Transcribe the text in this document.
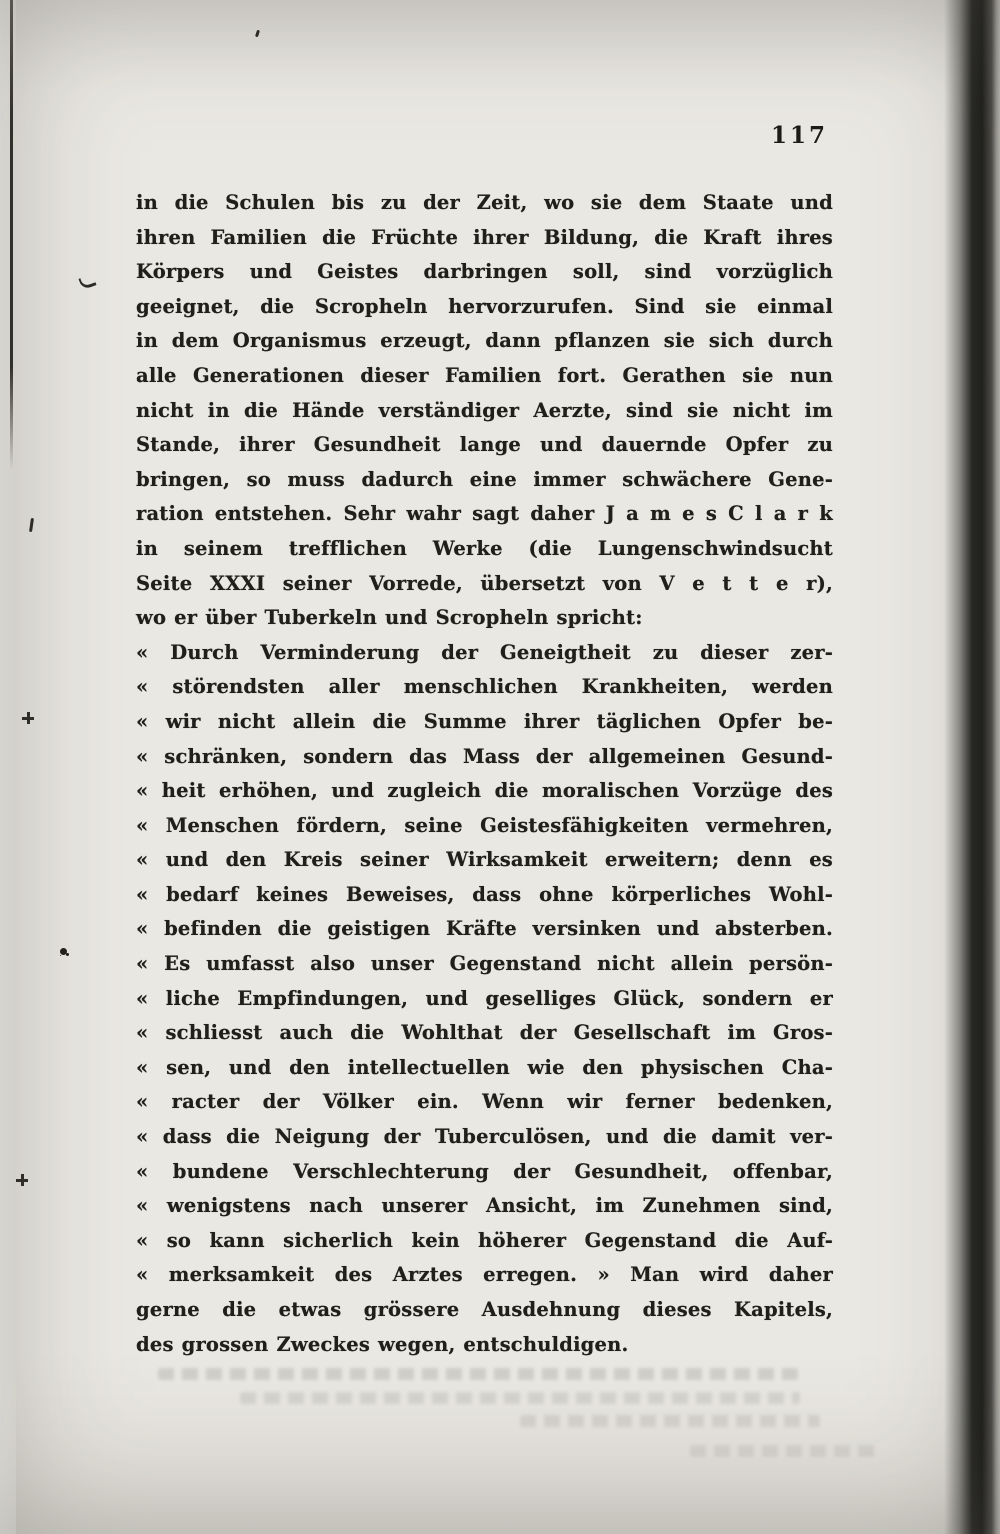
117
in die Schulen bis zu der Zeit, wo sie dem Staate und
ihren Familien die Früchte ihrer Bildung, die Kraft ihres
Körpers und Geistes darbringen soll, sind vorzüglich
geeignet, die Scropheln hervorzurufen. Sind sie einmal
in dem Organismus erzeugt, dann pflanzen sie sich durch
alle Generationen dieser Familien fort. Gerathen sie nun
nicht in die Hände verständiger Aerzte, sind sie nicht im
Stande, ihrer Gesundheit lange und dauernde Opfer zu
bringen, so muss dadurch eine immer schwächere Gene-
ration entstehen. Sehr wahr sagt daher J a m e s C l a r k
in seinem trefflichen Werke (die Lungenschwindsucht
Seite XXXI seiner Vorrede, übersetzt von V e t t e r),
wo er über Tuberkeln und Scropheln spricht:
« Durch Verminderung der Geneigtheit zu dieser zer-
« störendsten aller menschlichen Krankheiten, werden
« wir nicht allein die Summe ihrer täglichen Opfer be-
« schränken, sondern das Mass der allgemeinen Gesund-
« heit erhöhen, und zugleich die moralischen Vorzüge des
« Menschen fördern, seine Geistesfähigkeiten vermehren,
« und den Kreis seiner Wirksamkeit erweitern; denn es
« bedarf keines Beweises, dass ohne körperliches Wohl-
« befinden die geistigen Kräfte versinken und absterben.
« Es umfasst also unser Gegenstand nicht allein persön-
« liche Empfindungen, und geselliges Glück, sondern er
« schliesst auch die Wohlthat der Gesellschaft im Gros-
« sen, und den intellectuellen wie den physischen Cha-
« racter der Völker ein. Wenn wir ferner bedenken,
« dass die Neigung der Tuberculösen, und die damit ver-
« bundene Verschlechterung der Gesundheit, offenbar,
« wenigstens nach unserer Ansicht, im Zunehmen sind,
« so kann sicherlich kein höherer Gegenstand die Auf-
« merksamkeit des Arztes erregen. » Man wird daher
gerne die etwas grössere Ausdehnung dieses Kapitels,
des grossen Zweckes wegen, entschuldigen.
